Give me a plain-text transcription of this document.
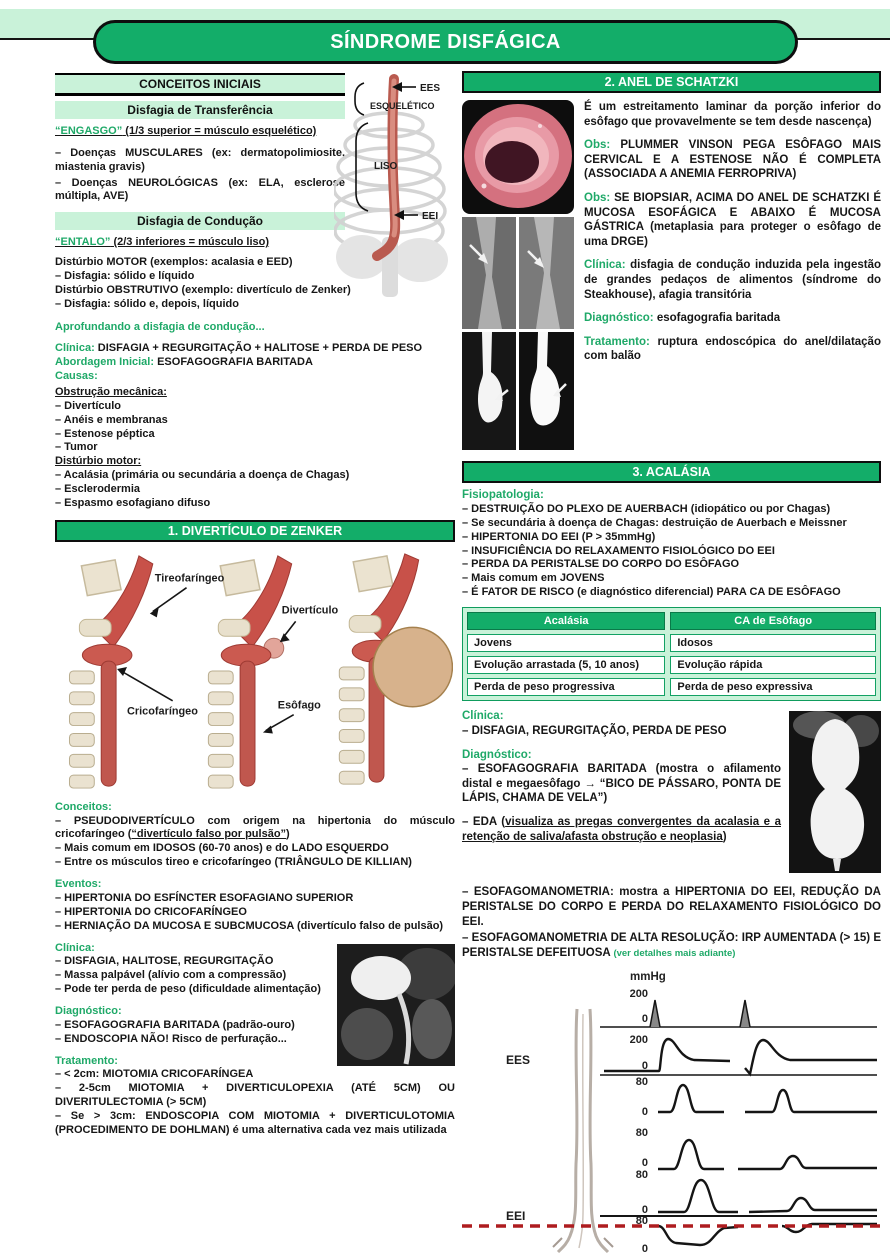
SÍNDROME DISFÁGICA
EES
ESQUELÉTICO
LISO
EEI
CONCEITOS INICIAIS
Disfagia de Transferência

“ENGASGO” (1/3 superior = músculo esquelético)

– Doenças MUSCULARES (ex: dermatopolimiosite, miastenia gravis)

– Doenças NEUROLÓGICAS (ex: ELA, esclerose múltipla, AVE)

Disfagia de Condução

“ENTALO” (2/3 inferiores = músculo liso)

Distúrbio MOTOR (exemplos: acalasia e EED)

– Disfagia: sólido e líquido

Distúrbio OBSTRUTIVO (exemplo: divertículo de Zenker)

– Disfagia: sólido e, depois, líquido

Aprofundando a disfagia de condução...

Clínica: DISFAGIA + REGURGITAÇÃO + HALITOSE + PERDA DE PESO

Abordagem Inicial: ESOFAGOGRAFIA BARITADA

Causas:

Obstrução mecânica:

– Divertículo

– Anéis e membranas

– Estenose péptica

– Tumor

Distúrbio motor:

– Acalásia (primária ou secundária a doença de Chagas)

– Esclerodermia

– Espasmo esofagiano difuso

1. DIVERTÍCULO DE ZENKER
Tireofaríngeo
Divertículo
Cricofaríngeo	Esôfago

Conceitos:

– PSEUDODIVERTÍCULO com origem na hipertonia do músculo cricofaríngeo (“divertículo falso por pulsão”)

– Mais comum em IDOSOS (60-70 anos) e do LADO ESQUERDO

– Entre os músculos tireo e cricofaríngeo (TRIÂNGULO DE KILLIAN)

Eventos:

– HIPERTONIA DO ESFÍNCTER ESOFAGIANO SUPERIOR

– HIPERTONIA DO CRICOFARÍNGEO

– HERNIAÇÃO DA MUCOSA E SUBCMUCOSA (divertículo falso de pulsão)

Clínica:

– DISFAGIA, HALITOSE, REGURGITAÇÃO

– Massa palpável (alívio com a compressão)

– Pode ter perda de peso (dificuldade alimentação)

Diagnóstico:

– ESOFAGOGRAFIA BARITADA (padrão-ouro)

– ENDOSCOPIA NÃO! Risco de perfuração...

Tratamento:

– < 2cm: MIOTOMIA CRICOFARÍNGEA

– 2-5cm MIOTOMIA + DIVERTICULOPEXIA (ATÉ 5CM) OU DIVERITULECTOMIA (> 5CM)

– Se > 3cm: ENDOSCOPIA COM MIOTOMIA + DIVERTICULOTOMIA (PROCEDIMENTO DE DOHLMAN) é uma alternativa cada vez mais utilizada

2. ANEL DE SCHATZKI

É um estreitamento laminar da porção inferior do esôfago que provavelmente se tem desde nascença)

Obs: PLUMMER VINSON PEGA ESÔFAGO MAIS CERVICAL E A ESTENOSE NÃO É COMPLETA (ASSOCIADA A ANEMIA FERROPRIVA)

Obs: SE BIOPSIAR, ACIMA DO ANEL DE SCHATZKI É MUCOSA ESOFÁGICA E ABAIXO É MUCOSA GÁSTRICA (metaplasia para proteger o esôfago de uma DRGE)

Clínica: disfagia de condução induzida pela ingestão de grandes pedaços de alimentos (síndrome do Steakhouse), afagia transitória

Diagnóstico: esofagografia baritada

Tratamento: ruptura endoscópica do anel/dilatação com balão

3. ACALÁSIA

Fisiopatologia:

– DESTRUIÇÃO DO PLEXO DE AUERBACH (idiopático ou por Chagas)

– Se secundária à doença de Chagas: destruição de Auerbach e Meissner

– HIPERTONIA DO EEI (P > 35mmHg)

– INSUFICIÊNCIA DO RELAXAMENTO FISIOLÓGICO DO EEI

– PERDA DA PERISTALSE DO CORPO DO ESÔFAGO

– Mais comum em JOVENS

– É FATOR DE RISCO (e diagnóstico diferencial) PARA CA DE ESÔFAGO

Acalásia	CA de Esôfago
Jovens	Idosos
Evolução arrastada (5, 10 anos)	Evolução rápida
Perda de peso progressiva	Perda de peso expressiva

Clínica:

– DISFAGIA, REGURGITAÇÃO, PERDA DE PESO

Diagnóstico:

– ESOFAGOGRAFIA BARITADA (mostra o afilamento distal e megaesôfago → “BICO DE PÁSSARO, PONTA DE LÁPIS, CHAMA DE VELA”)

– EDA (visualiza as pregas convergentes da acalasia e a retenção de saliva/afasta obstrução e neoplasia)

– ESOFAGOMANOMETRIA: mostra a HIPERTONIA DO EEI, REDUÇÃO DA PERISTALSE DO CORPO E PERDA DO RELAXAMENTO FISIOLÓGICO DO EEI.

– ESOFAGOMANOMETRIA DE ALTA RESOLUÇÃO: IRP AUMENTADA (> 15) E PERISTALSE DEFEITUOSA (ver detalhes mais adiante)

EES
EEI
mmHg
200
0
200
0
80
0
80
0
80
0
80
0
